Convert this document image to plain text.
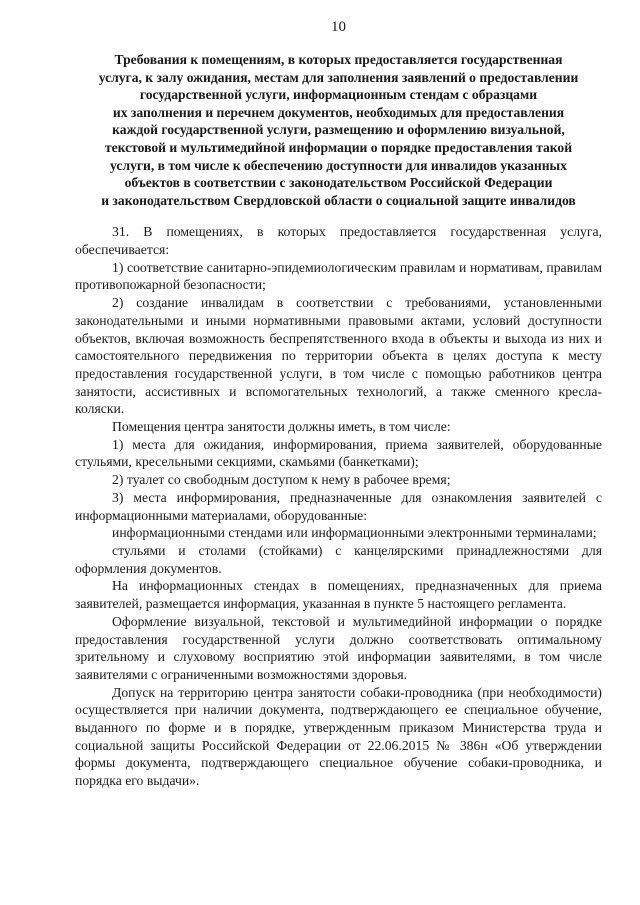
10
Требования к помещениям, в которых предоставляется государственная
услуга, к залу ожидания, местам для заполнения заявлений о предоставлении
государственной услуги, информационным стендам с образцами
их заполнения и перечнем документов, необходимых для предоставления
каждой государственной услуги, размещению и оформлению визуальной,
текстовой и мультимедийной информации о порядке предоставления такой
услуги, в том числе к обеспечению доступности для инвалидов указанных
объектов в соответствии с законодательством Российской Федерации
и законодательством Свердловской области о социальной защите инвалидов

31. В помещениях, в которых предоставляется государственная услуга, обеспечивается:

1) соответствие санитарно-эпидемиологическим правилам и нормативам, правилам противопожарной безопасности;

2) создание инвалидам в соответствии с требованиями, установленными законодательными и иными нормативными правовыми актами, условий доступности объектов, включая возможность беспрепятственного входа в объекты и выхода из них и самостоятельного передвижения по территории объекта в целях доступа к месту предоставления государственной услуги, в том числе с помощью работников центра занятости, ассистивных и вспомогательных технологий, а также сменного кресла-коляски.

Помещения центра занятости должны иметь, в том числе:

1) места для ожидания, информирования, приема заявителей, оборудованные стульями, кресельными секциями, скамьями (банкетками);

2) туалет со свободным доступом к нему в рабочее время;

3) места информирования, предназначенные для ознакомления заявителей с информационными материалами, оборудованные:

информационными стендами или информационными электронными терминалами;

стульями и столами (стойками) с канцелярскими принадлежностями для оформления документов.

На информационных стендах в помещениях, предназначенных для приема заявителей, размещается информация, указанная в пункте 5 настоящего регламента.

Оформление визуальной, текстовой и мультимедийной информации о порядке предоставления государственной услуги должно соответствовать оптимальному зрительному и слуховому восприятию этой информации заявителями, в том числе заявителями с ограниченными возможностями здоровья.

Допуск на территорию центра занятости собаки-проводника (при необходимости) осуществляется при наличии документа, подтверждающего ее специальное обучение, выданного по форме и в порядке, утвержденным приказом Министерства труда и социальной защиты Российской Федерации от 22.06.2015 № 386н «Об утверждении формы документа, подтверждающего специальное обучение собаки-проводника, и порядка его выдачи».
